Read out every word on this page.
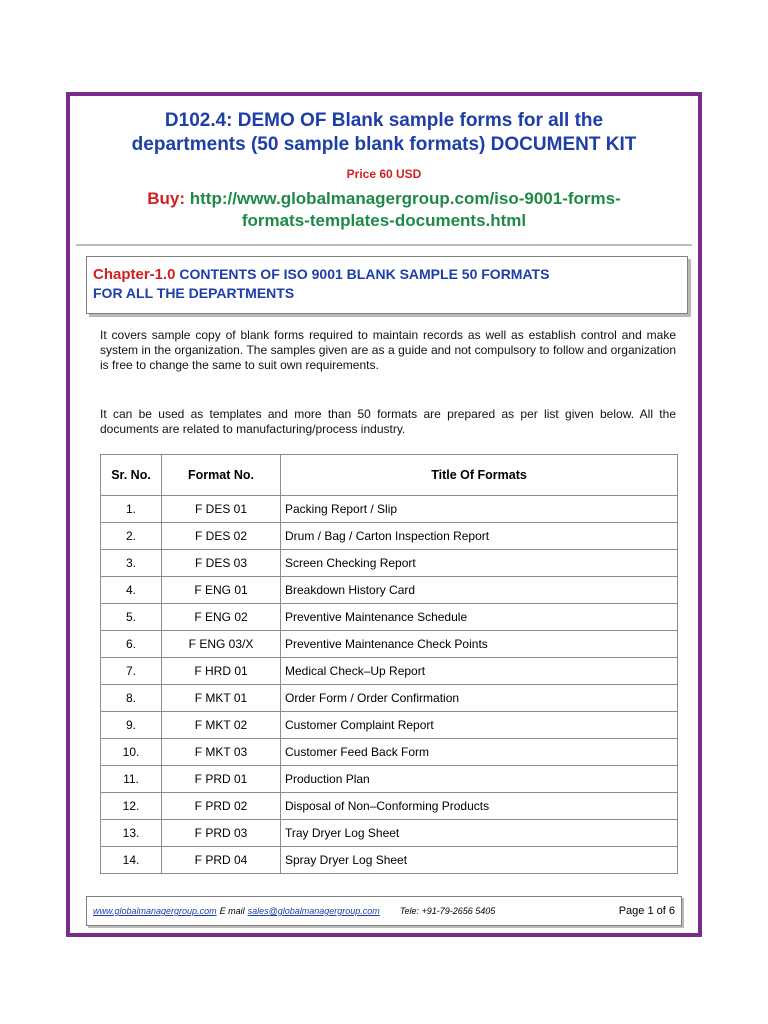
D102.4: DEMO OF Blank sample forms for all the
departments (50 sample blank formats) DOCUMENT KIT
Price 60 USD
Buy: http://www.globalmanagergroup.com/iso-9001-forms-
formats-templates-documents.html
Chapter-1.0 CONTENTS OF ISO 9001 BLANK SAMPLE 50 FORMATS
FOR ALL THE DEPARTMENTS
It covers sample copy of blank forms required to maintain records as well as establish control and make system in the organization. The samples given are as a guide and not compulsory to follow and organization is free to change the same to suit own requirements.
It can be used as templates and more than 50 formats are prepared as per list given below. All the documents are related to manufacturing/process industry.
Sr. No.	Format No.	Title Of Formats
1.	F DES 01	Packing Report / Slip
2.	F DES 02	Drum / Bag / Carton Inspection Report
3.	F DES 03	Screen Checking Report
4.	F ENG 01	Breakdown History Card
5.	F ENG 02	Preventive Maintenance Schedule
6.	F ENG 03/X	Preventive Maintenance Check Points
7.	F HRD 01	Medical Check–Up Report
8.	F MKT 01	Order Form / Order Confirmation
9.	F MKT 02	Customer Complaint Report
10.	F MKT 03	Customer Feed Back Form
11.	F PRD 01	Production Plan
12.	F PRD 02	Disposal of Non–Conforming Products
13.	F PRD 03	Tray Dryer Log Sheet
14.	F PRD 04	Spray Dryer Log Sheet
www.globalmanagergroup.com E mail sales@globalmanagergroup.com Tele: +91-79-2656 5405	Page 1 of 6
